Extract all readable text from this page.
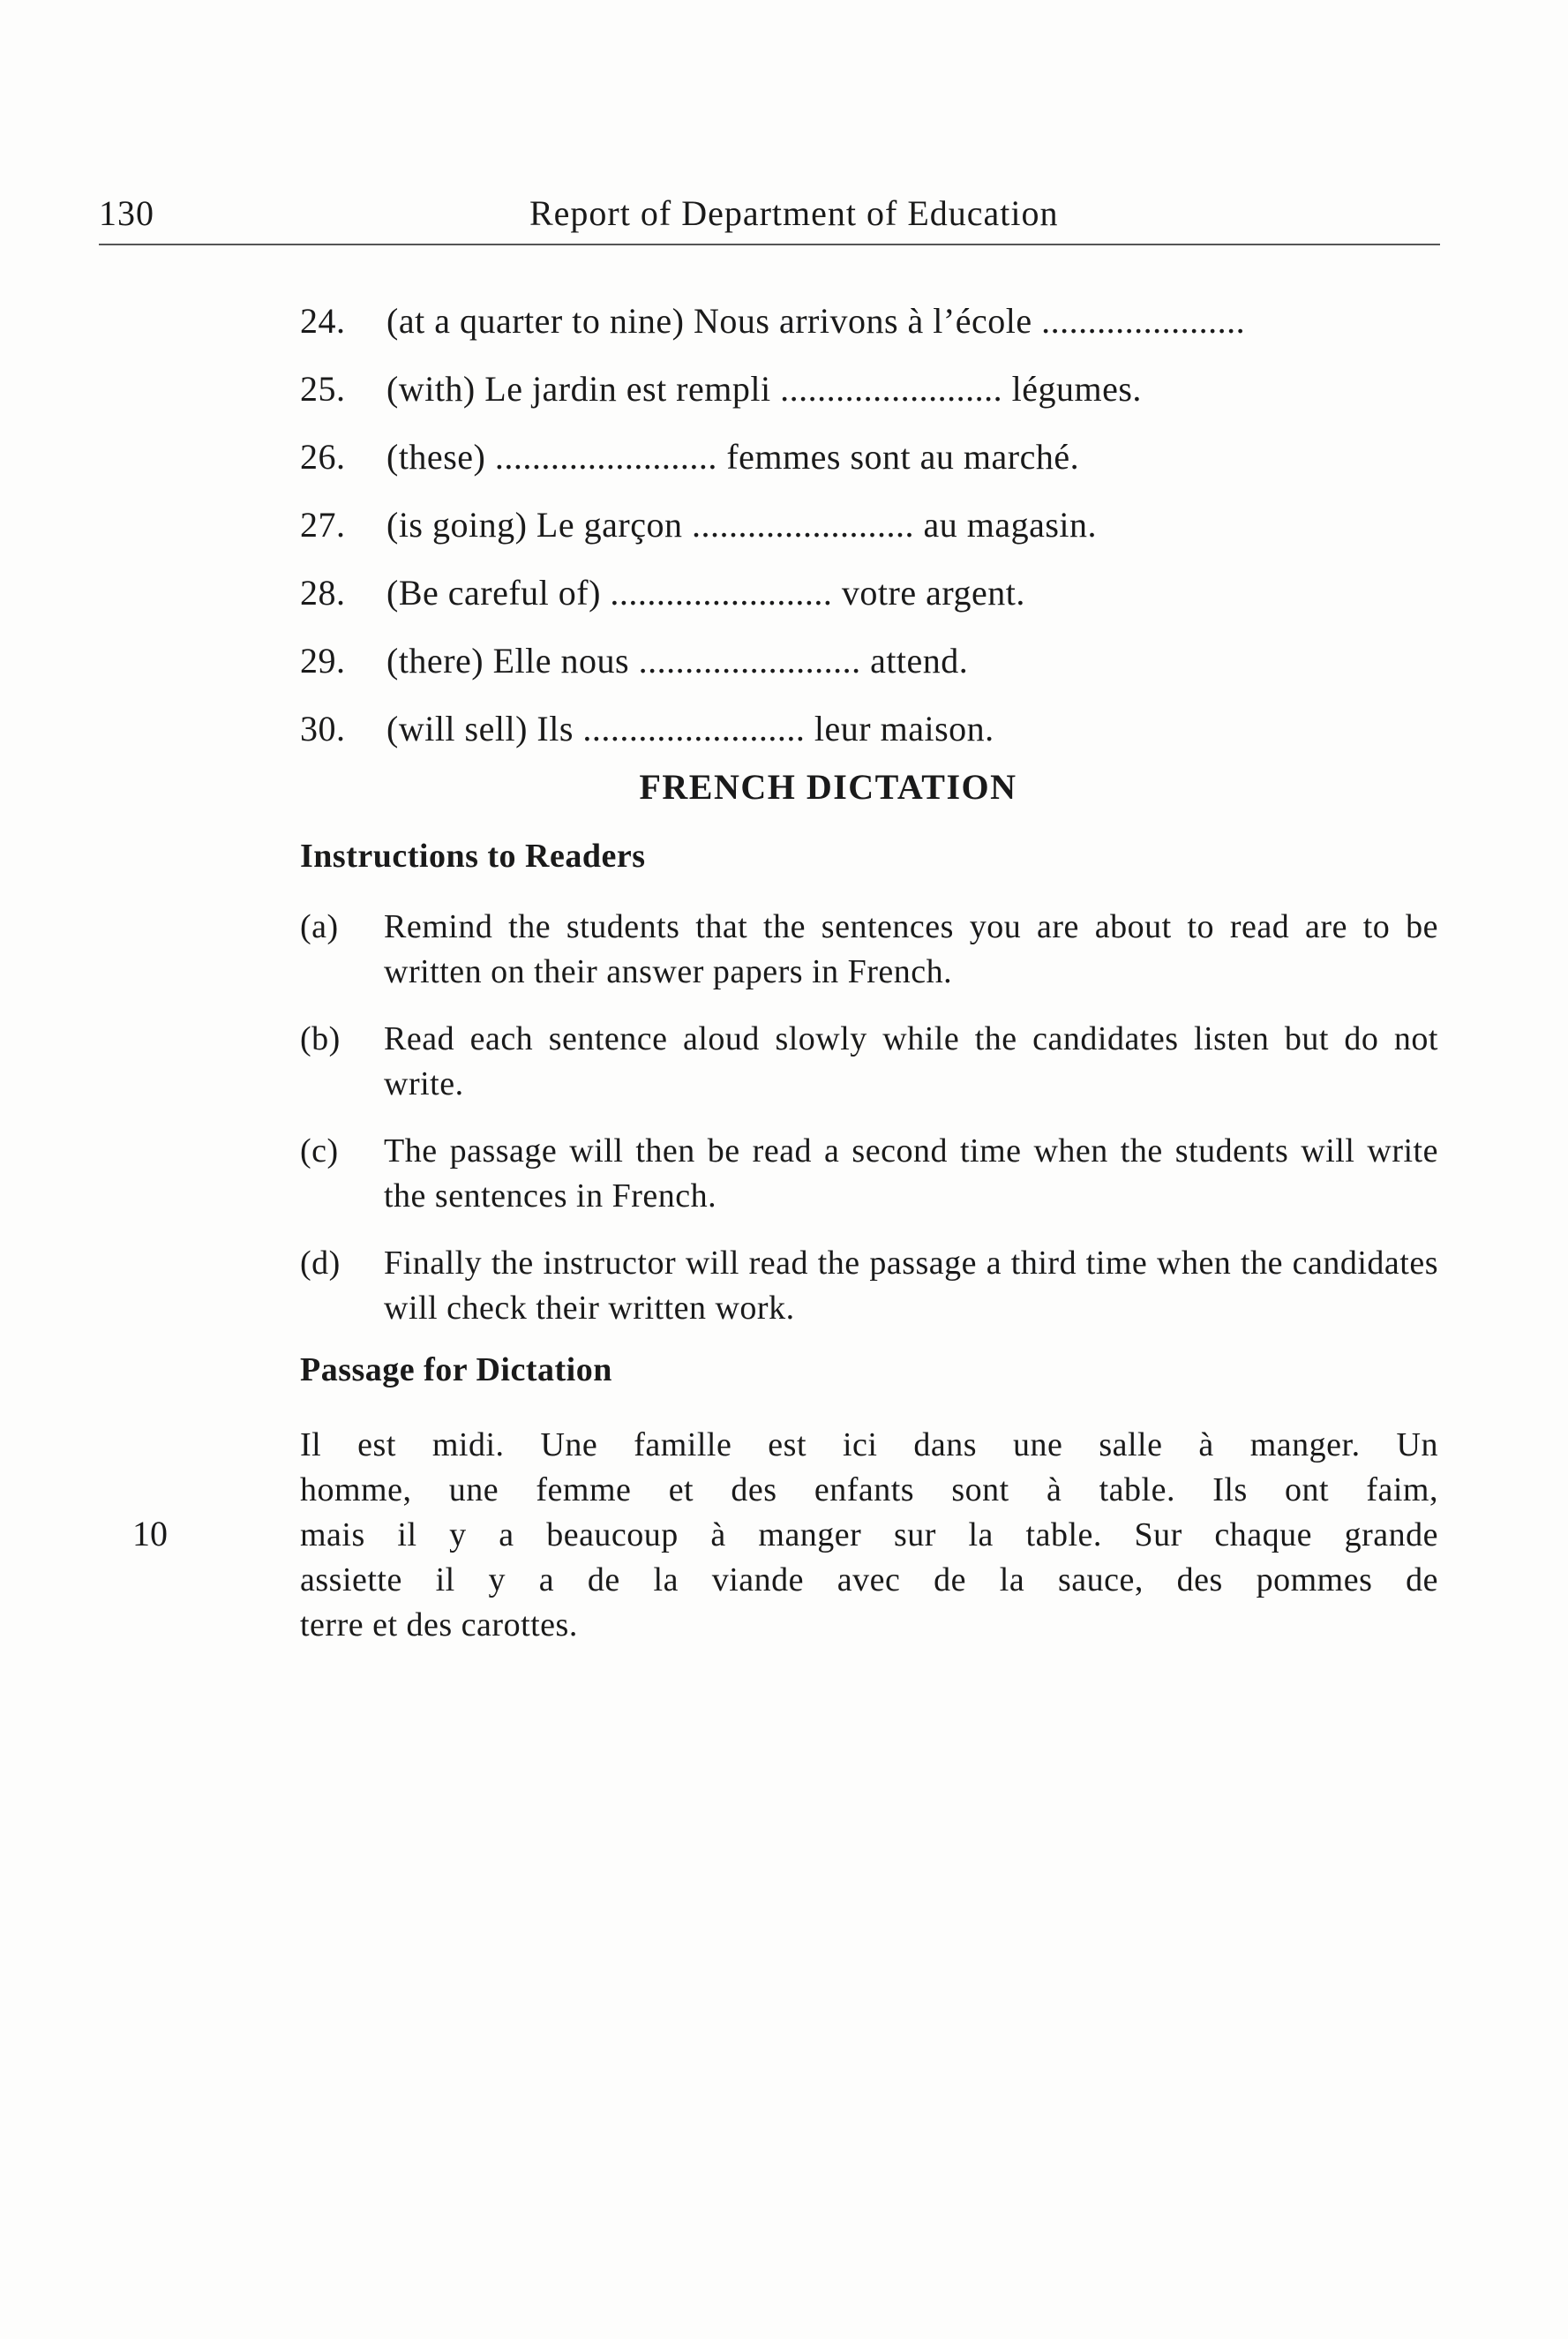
130	Report of Department of Education
24. (at a quarter to nine) Nous arrivons à l’école ......................
25. (with) Le jardin est rempli ........................ légumes.
26. (these) ........................ femmes sont au marché.
27. (is going) Le garçon ........................ au magasin.
28. (Be careful of) ........................ votre argent.
29. (there) Elle nous ........................ attend.
30. (will sell) Ils ........................ leur maison.
FRENCH DICTATION
Instructions to Readers
(a) Remind the students that the sentences you are about to read are to be written on their answer papers in French.
(b) Read each sentence aloud slowly while the candidates listen but do not write.
(c) The passage will then be read a second time when the students will write the sentences in French.
(d) Finally the instructor will read the passage a third time when the candidates will check their written work.
Passage for Dictation
10
Il est midi. Une famille est ici dans une salle à manger. Un
homme, une femme et des enfants sont à table. Ils ont faim,
mais il y a beaucoup à manger sur la table. Sur chaque grande
assiette il y a de la viande avec de la sauce, des pommes de
terre et des carottes.
